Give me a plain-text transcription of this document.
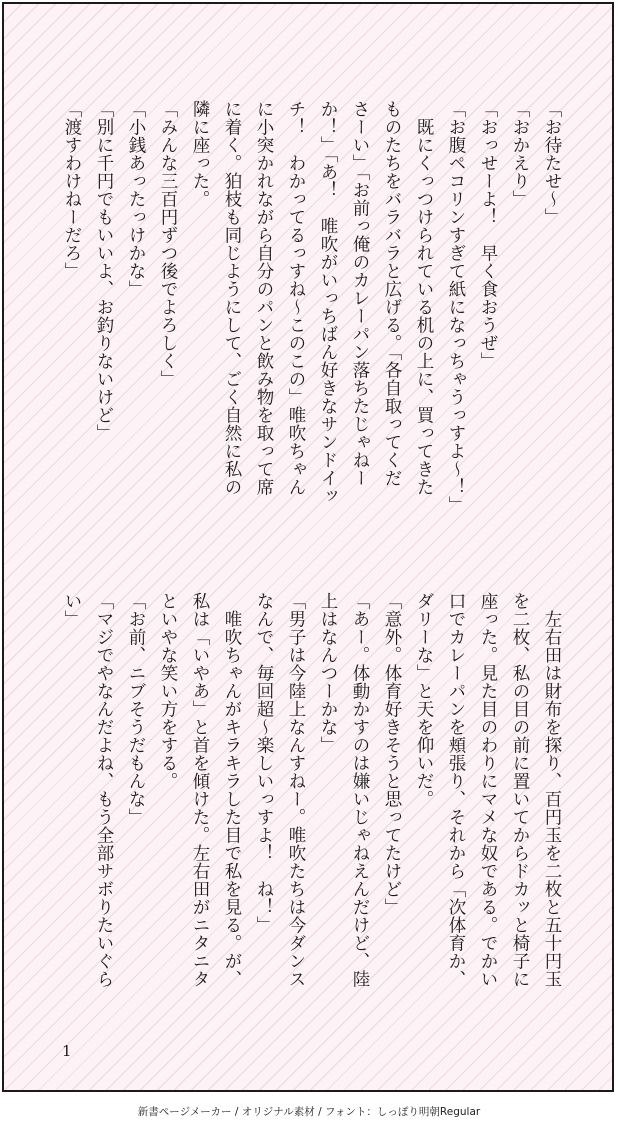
「お待たせ〜」

「おかえり」

「おっせーよ！　早く食おうぜ」

「お腹ペコリンすぎて紙になっちゃうっすよ〜！」

　既にくっつけられている机の上に、買ってきた

ものたちをバラバラと広げる。「各自取ってくだ

さーい」「お前っ俺のカレーパン落ちたじゃねー

か！」「あ！　唯吹がいっちばん好きなサンドイッ

チ！　わかってるっすね〜このこの」唯吹ちゃん

に小突かれながら自分のパンと飲み物を取って席

に着く。狛枝も同じようにして、ごく自然に私の

隣に座った。

「みんな三百円ずつ後でよろしく」

「小銭あったっけかな」

「別に千円でもいいよ、お釣りないけど」

「渡すわけねーだろ」

　左右田は財布を探り、百円玉を二枚と五十円玉

を二枚、私の目の前に置いてからドカッと椅子に

座った。見た目のわりにマメな奴である。でかい

口でカレーパンを頬張り、それから「次体育か、

ダリーな」と天を仰いだ。

「意外。体育好きそうと思ってたけど」

「あー。体動かすのは嫌いじゃねえんだけど、陸

上はなんつーかな」

「男子は今陸上なんすねー。唯吹たちは今ダンス

なんで、毎回超〜楽しいっすよ！　ね！」

　唯吹ちゃんがキラキラした目で私を見る。が、

私は「いやあ」と首を傾けた。左右田がニタニタ

といやな笑い方をする。

「お前、ニブそうだもんな」

「マジでやなんだよね、もう全部サボりたいぐら

い」

1
新書ページメーカー / オリジナル素材 / フォント：しっぽり明朝Regular
